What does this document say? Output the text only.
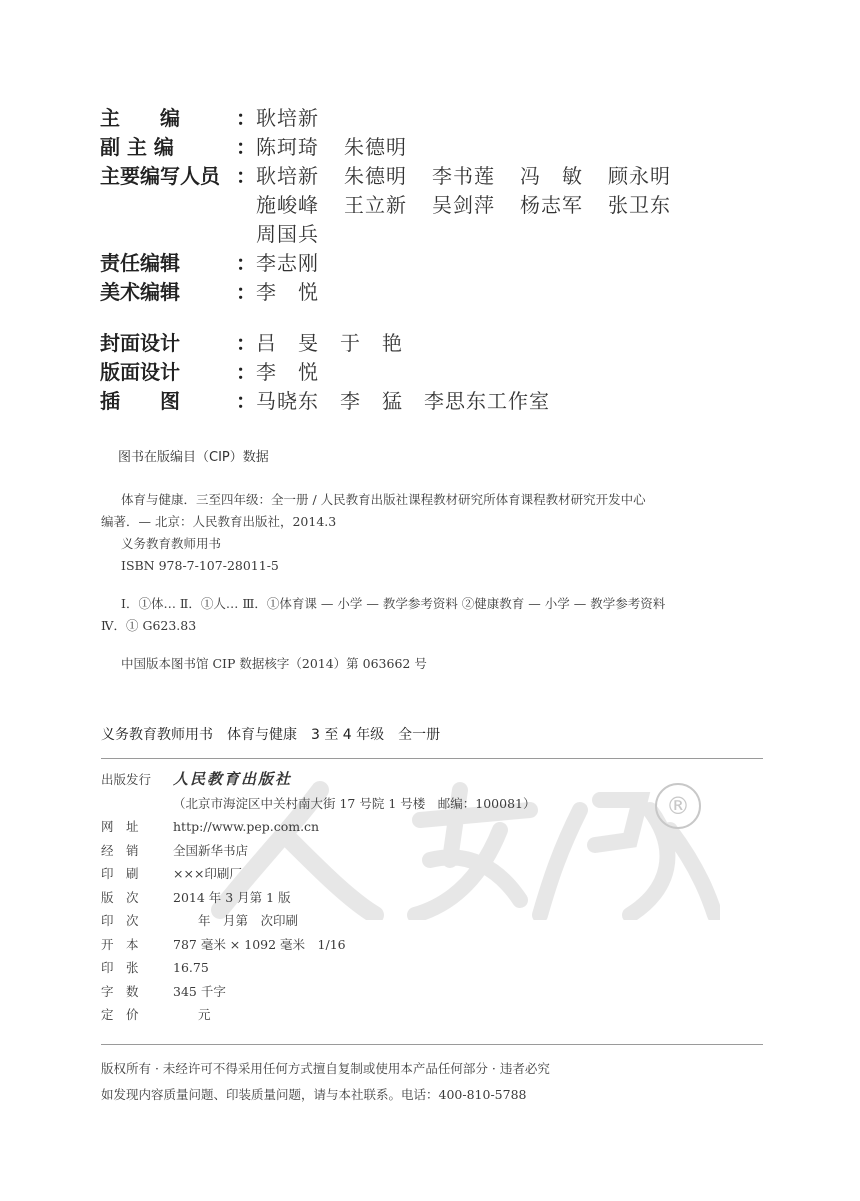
®
主　　编	： 耿培新
副 主 编	： 陈珂琦	朱德明
主要编写人员 ： 耿培新	朱德明	李书莲	冯　敏	顾永明
施峻峰	王立新	吴剑萍	杨志军	张卫东
周国兵
责任编辑	： 李志刚
美术编辑	： 李　悦
封面设计	： 吕　旻　于　艳
版面设计	： 李　悦
插　　图	： 马晓东　李　猛　李思东工作室
图书在版编目（CIP）数据

体育与健康．三至四年级：全一册 / 人民教育出版社课程教材研究所体育课程教材研究开发中心

编著．— 北京：人民教育出版社，2014.3

义务教育教师用书

ISBN 978-7-107-28011-5

Ⅰ．①体… Ⅱ．①人… Ⅲ．①体育课 — 小学 — 教学参考资料 ②健康教育 — 小学 — 教学参考资料

Ⅳ．① G623.83

中国版本图书馆 CIP 数据核字（2014）第 063662 号

义务教育教师用书　体育与健康　3 至 4 年级　全一册
出版发行	人民教育出版社
（北京市海淀区中关村南大街 17 号院 1 号楼　邮编：100081）
网　址	http://www.pep.com.cn
经　销	全国新华书店
印　刷	×××印刷厂
版　次	2014 年 3 月第 1 版
印　次	　　年　月第　次印刷
开　本	787 毫米 × 1092 毫米　1/16
印　张	16.75
字　数	345 千字
定　价	　　元

版权所有 · 未经许可不得采用任何方式擅自复制或使用本产品任何部分 · 违者必究

如发现内容质量问题、印装质量问题，请与本社联系。电话：400-810-5788
